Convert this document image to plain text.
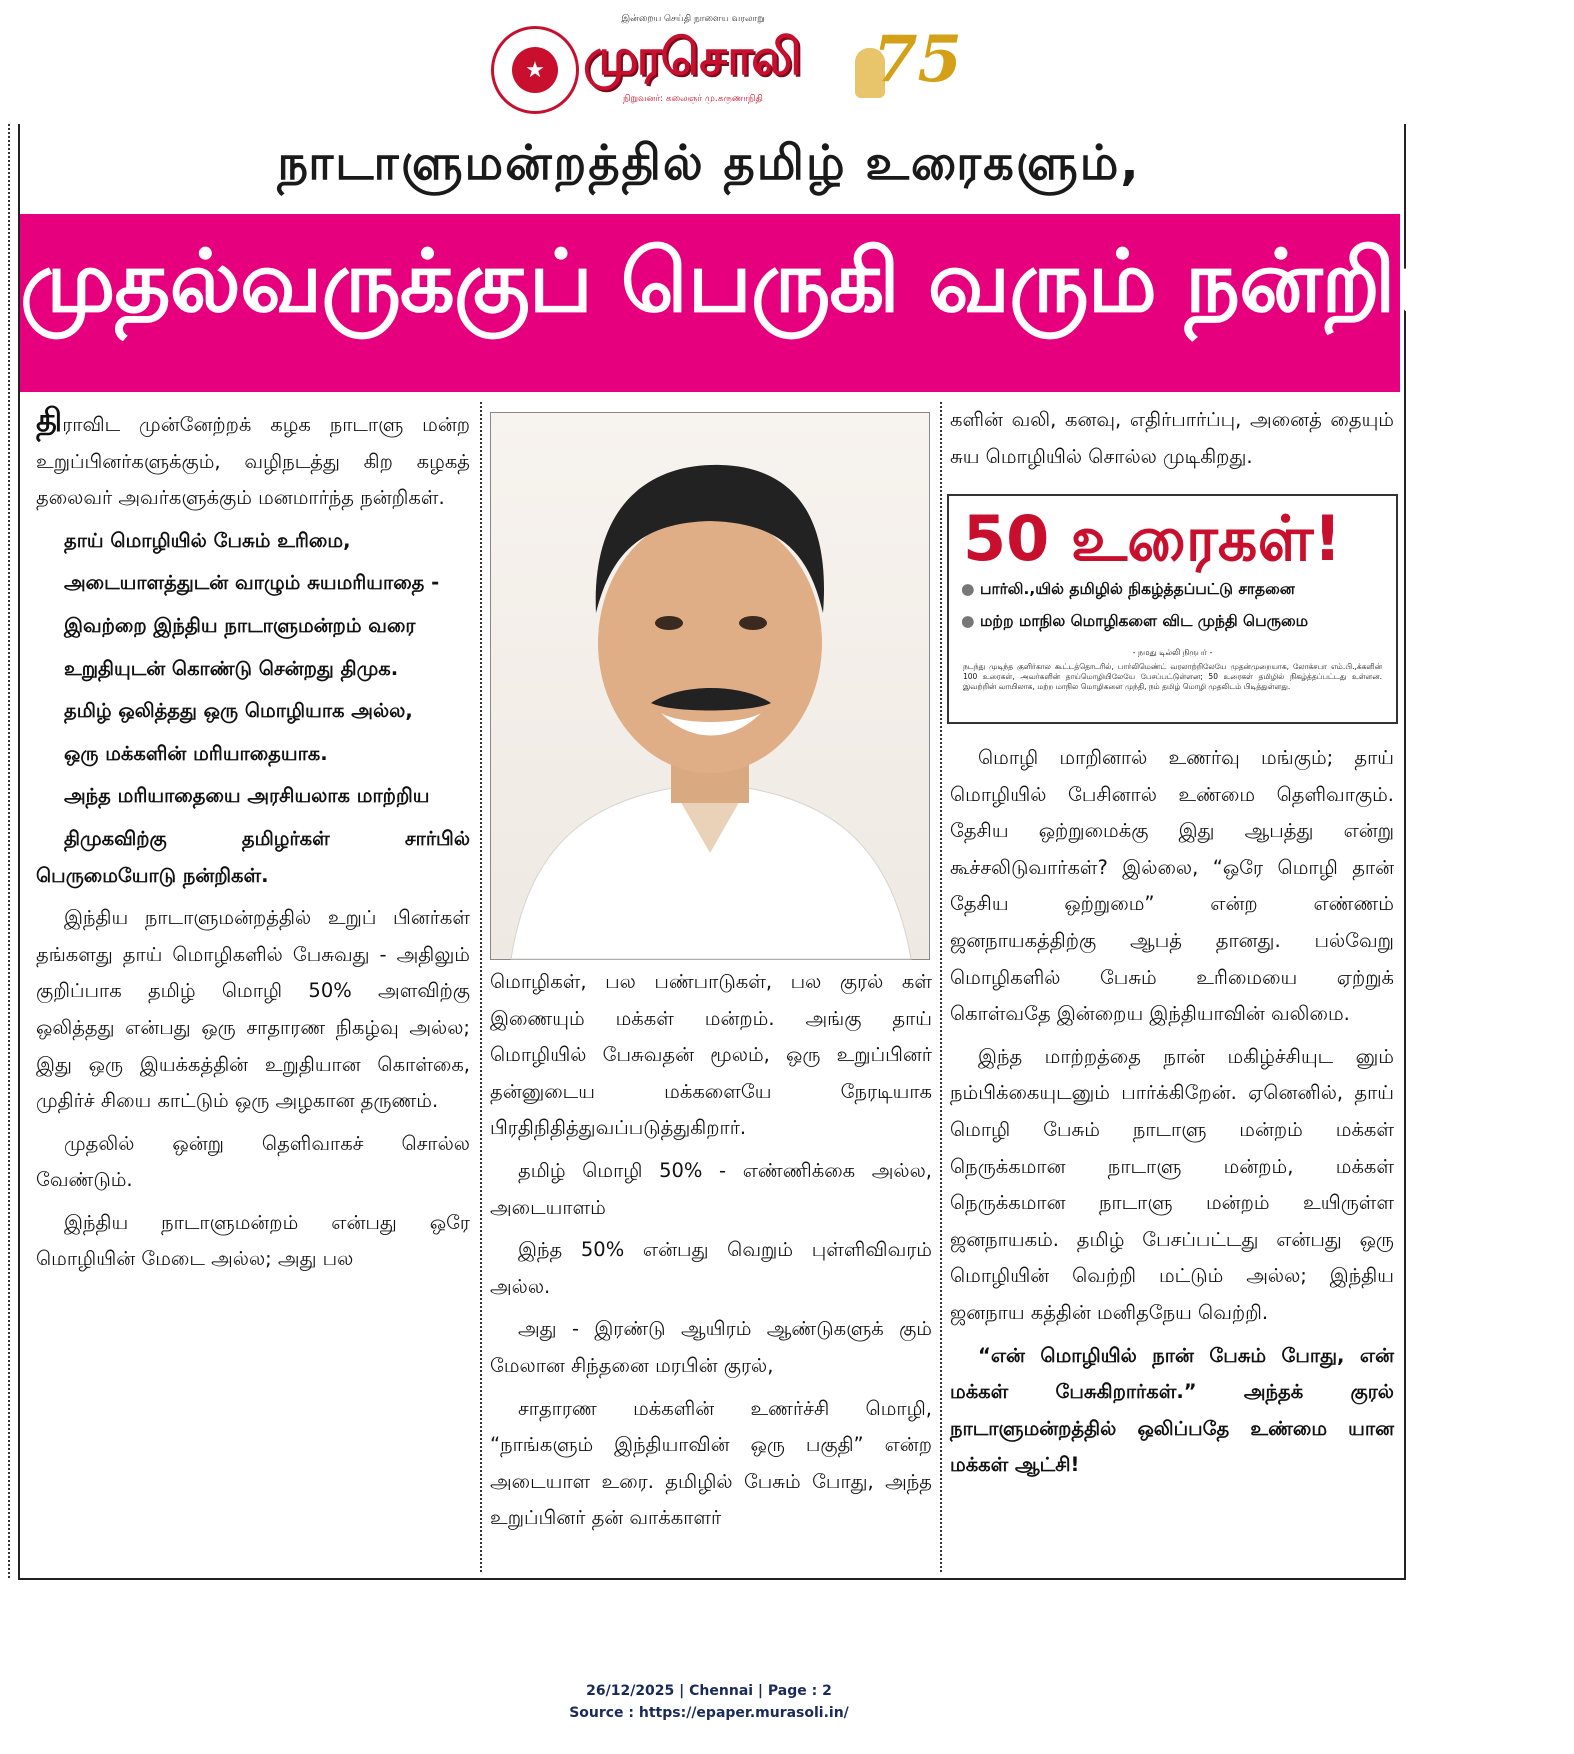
இன்றைய செய்தி நாளைய வரலாறு
★ முரசொலி
நிறுவனர்: கலைஞர் மு.கருணாநிதி
75
நாடாளுமன்றத்தில் தமிழ் உரைகளும்,
முதல்வருக்குப் பெருகி வரும் நன்றியும்!

திராவிட முன்னேற்றக் கழக நாடாளு மன்ற உறுப்பினர்களுக்கும், வழிநடத்து கிற கழகத் தலைவர் அவர்களுக்கும் மனமார்ந்த நன்றிகள்.

தாய் மொழியில் பேசும் உரிமை,

அடையாளத்துடன் வாழும் சுயமரியாதை -

இவற்றை இந்திய நாடாளுமன்றம் வரை

உறுதியுடன் கொண்டு சென்றது திமுக.

தமிழ் ஒலித்தது ஒரு மொழியாக அல்ல,

ஒரு மக்களின் மரியாதையாக.

அந்த மரியாதையை அரசியலாக மாற்றிய

திமுகவிற்கு தமிழர்கள் சார்பில் பெருமையோடு நன்றிகள்.

இந்திய நாடாளுமன்றத்தில் உறுப் பினர்கள் தங்களது தாய் மொழிகளில் பேசுவது - அதிலும் குறிப்பாக தமிழ் மொழி 50% அளவிற்கு ஒலித்தது என்பது ஒரு சாதாரண நிகழ்வு அல்ல; இது ஒரு இயக்கத்தின் உறுதியான கொள்கை, முதிர்ச் சியை காட்டும் ஒரு அழகான தருணம்.

முதலில் ஒன்று தெளிவாகச் சொல்ல வேண்டும்.

இந்திய நாடாளுமன்றம் என்பது ஒரே மொழியின் மேடை அல்ல; அது பல

மொழிகள், பல பண்பாடுகள், பல குரல் கள் இணையும் மக்கள் மன்றம். அங்கு தாய் மொழியில் பேசுவதன் மூலம், ஒரு உறுப்பினர் தன்னுடைய மக்களையே நேரடியாக பிரதிநிதித்துவப்படுத்துகிறார்.

தமிழ் மொழி 50% - எண்ணிக்கை அல்ல, அடையாளம்

இந்த 50% என்பது வெறும் புள்ளிவிவரம் அல்ல.

அது - இரண்டு ஆயிரம் ஆண்டுகளுக் கும் மேலான சிந்தனை மரபின் குரல்,

சாதாரண மக்களின் உணர்ச்சி மொழி, “நாங்களும் இந்தியாவின் ஒரு பகுதி” என்ற அடையாள உரை. தமிழில் பேசும் போது, அந்த உறுப்பினர் தன் வாக்காளர்

களின் வலி, கனவு, எதிர்பார்ப்பு, அனைத் தையும் சுய மொழியில் சொல்ல முடிகிறது.

50 உரைகள்!
● பார்லி.,யில் தமிழில் நிகழ்த்தப்பட்டு சாதனை
● மற்ற மாநில மொழிகளை விட முந்தி பெருமை
- நமது டில்லி நிருபர் -
நடந்து முடிந்த குளிர்கால கூட்டத்தொடரில், பார்லிமெண்ட் வரலாற்றிலேயே முதன்முறையாக, லோக்சபா எம்.பி.,க்களின் 100 உரைகள், அவர்களின் தாய்மொழியிலேயே பேசப்பட்டுள்ளன; 50 உரைகள் தமிழில் நிகழ்த்தப்பட்டது உள்ளன. இவற்றின் வாயிலாக, மற்ற மாநில மொழிகளை முந்தி, நம் தமிழ் மொழி முதலிடம் பிடித்துள்ளது.

மொழி மாறினால் உணர்வு மங்கும்; தாய் மொழியில் பேசினால் உண்மை தெளிவாகும். தேசிய ஒற்றுமைக்கு இது ஆபத்து என்று கூச்சலிடுவார்கள்? இல்லை, “ஒரே மொழி தான் தேசிய ஒற்றுமை” என்ற எண்ணம் ஜனநாயகத்திற்கு ஆபத் தானது. பல்வேறு மொழிகளில் பேசும் உரிமையை ஏற்றுக் கொள்வதே இன்றைய இந்தியாவின் வலிமை.

இந்த மாற்றத்தை நான் மகிழ்ச்சியுட னும் நம்பிக்கையுடனும் பார்க்கிறேன். ஏனெனில், தாய் மொழி பேசும் நாடாளு மன்றம் மக்கள் நெருக்கமான நாடாளு மன்றம், மக்கள் நெருக்கமான நாடாளு மன்றம் உயிருள்ள ஜனநாயகம். தமிழ் பேசப்பட்டது என்பது ஒரு மொழியின் வெற்றி மட்டும் அல்ல; இந்திய ஜனநாய கத்தின் மனிதநேய வெற்றி.

“என் மொழியில் நான் பேசும் போது, என் மக்கள் பேசுகிறார்கள்.” அந்தக் குரல் நாடாளுமன்றத்தில் ஒலிப்பதே உண்மை யான மக்கள் ஆட்சி!

26/12/2025 | Chennai | Page : 2
Source : https://epaper.murasoli.in/
